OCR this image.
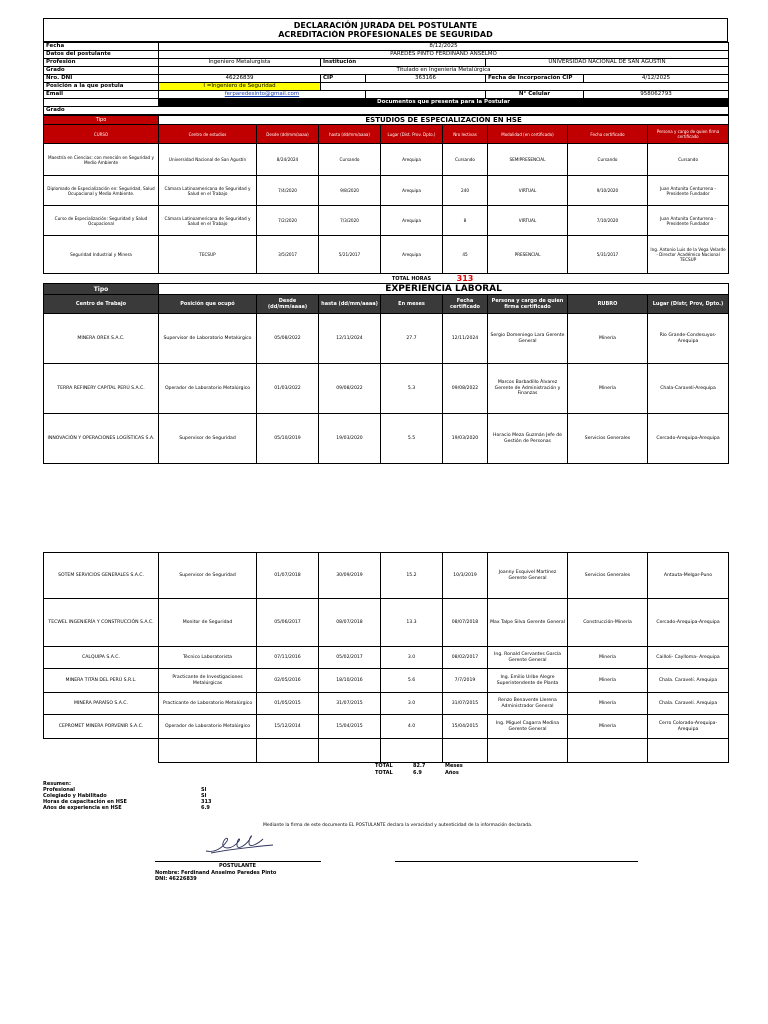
DECLARACIÓN JURADA DEL POSTULANTE
ACREDITACIÓN PROFESIONALES DE SEGURIDAD
Fecha	8/12/2025				
Datos del postulante	PAREDES PINTO FERDINAND ANSELMO				
Profesión	Ingeniero Metalurgista	Institución		UNIVERSIDAD NACIONAL DE SAN AGUSTIN	
Grado	Titulado en Ingeniería Metalúrgica				
Nro. DNI	46226839	CIP	363166	Fecha de Incorporación CIP	4/12/2025
Posición a la que postula	I =Ingeniero de Seguridad				
Email	ferparedesinto@gmail.com			N° Celular	958062793
	Documentos que presenta para la Postular				
Grado					
Tipo	ESTUDIOS DE ESPECIALIZACIÓN EN HSE							
CURSO	Centro de estudios	Desde (dd/mm/aaaa)	hasta (dd/mm/aaaa)	Lugar (Dist. Prov. Dpto.)	Nro lectivas	Modalidad (en certificado)	Fecha certificado	Persona y cargo de quien firma certificado
Maestría en Ciencias: con mención en Seguridad y Medio Ambiente	Universidad Nacional de San Agustín	8/24/2024	Cursando	Arequipa	Cursando	SEMIPRESENCIAL	Cursando	Cursando
Diplomado de Especialización en: Seguridad, Salud Ocupacional y Medio Ambiente.	Cámara Latinoamericana de Seguridad y Salud en el Trabajo	7/4/2020	9/8/2020	Arequipa	240	VIRTUAL	9/10/2020	Juan Antunita Centurrena - Presidente Fundador
Curso de Especialización: Seguridad y Salud Ocupacional	Cámara Latinoamericana de Seguridad y Salud en el Trabajo	7/2/2020	7/3/2020	Arequipa	8	VIRTUAL	7/10/2020	Juan Antunita Centurrena - Presidente Fundador
Seguridad Industrial y Minera	TECSUP	3/5/2017	5/21/2017	Arequipa	45	PRESENCIAL	5/31/2017	Ing. Antonio Luis de la Vega Velarde - Director Académico Nacional TECSUP
				TOTAL HORAS	313			
Tipo	EXPERIENCIA LABORAL							
Centro de Trabajo	Posición que ocupó	Desde (dd/mm/aaaa)	hasta (dd/mm/aaaa)	En meses	Fecha certificado	Persona y cargo de quien firma certificado	RUBRO	Lugar (Distr, Prov, Dpto.)
MINERA OREX S.A.C.	Supervisor de Laboratorio Metalúrgico	05/08/2022	12/11/2024	27.7	12/11/2024	Sergio Domeniego Lara Gerente General	Minería	Río Grande-Condesuyos-Arequipa
TERRA REFINERY CAPITAL PERÚ S.A.C.	Operador de Laboratorio Metalúrgico	01/03/2022	09/08/2022	5.3	09/08/2022	Marcos Barbadillo Álvarez Gerente de Administración y Finanzas	Minería	Chala-Caravelí-Arequipa
INNOVACIÓN Y OPERACIONES LOGÍSTICAS S.A.	Supervisor de Seguridad	05/10/2019	19/03/2020	5.5	19/03/2020	Horacio Meza Guzmán Jefe de Gestión de Personas	Servicios Generales	Cercado-Arequipa-Arequipa
SOTEM SERVICIOS GENERALES S.A.C.	Supervisor de Seguridad	01/07/2018	30/09/2019	15.2	10/3/2019	Joanny Esquivel Martínez Gerente General	Servicios Generales	Antauta-Melgar-Puno
TECWEL INGENIERÍA Y CONSTRUCCIÓN S.A.C.	Monitor de Seguridad	05/06/2017	08/07/2018	13.3	08/07/2018	Max Talpe Silva Gerente General	Construcción-Minería	Cercado-Arequipa-Arequipa
CALQUIPA S.A.C.	Técnico Laboratorista	07/11/2016	05/02/2017	3.0	08/02/2017	Ing. Ronald Cervantes García Gerente General	Minería	Cailloli- Caylloma- Arequipa
MINERA TITÁN DEL PERÚ S.R.L.	Practicante de Investigaciones Metalúrgicas	02/05/2016	18/10/2016	5.6	7/7/2019	Ing. Emilio Uribe Alegre Superintendente de Planta	Minería	Chala. Caravelí. Arequipa
MINERA PARAÍSO S.A.C.	Practicante de Laboratorio Metalúrgico	01/05/2015	31/07/2015	3.0	31/07/2015	Renzo Benavente Llerena Administrador General	Minería	Chala. Caravelí. Arequipa
CEPROMET MINERA PORVENIR S.A.C.	Operador de Laboratorio Metalúrgico	15/12/2014	15/04/2015	4.0	15/04/2015	Ing. Miguel Cagarra Medina Gerente General	Minería	Cerro Colorado-Arequipa-Arequipa

TOTAL	82.7	Meses
TOTAL	6.9	Años
Resumen:
Profesional	SI
Colegiado y Habilitado	SI
Horas de capacitación en HSE	313
Años de experiencia en HSE	6.9
Mediante la firma de este documento EL POSTULANTE declara la veracidad y autenticidad de la información declarada.
POSTULANTE
Nombre: Ferdinand Anselmo Paredes Pinto
DNI: 46226839
